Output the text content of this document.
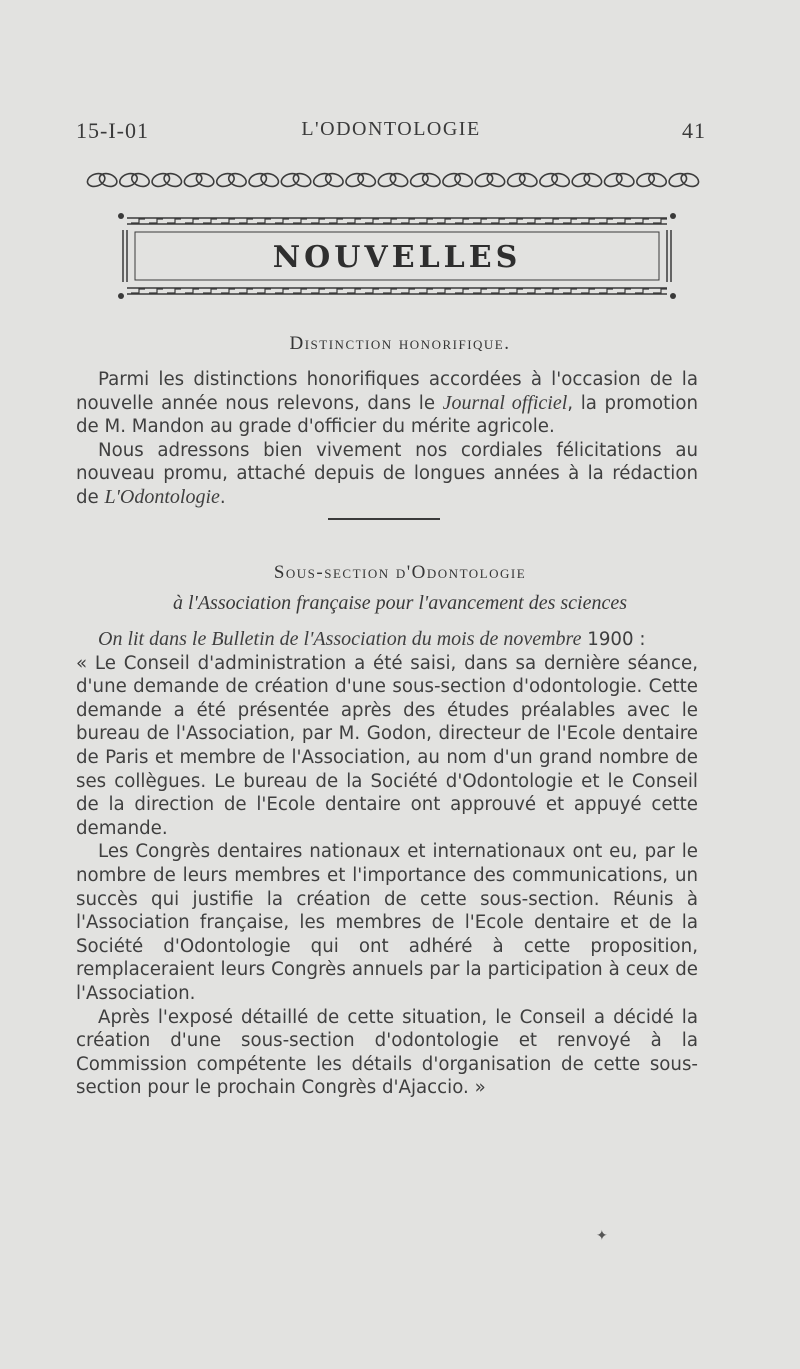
15-I-01	L'ODONTOLOGIE	41
NOUVELLES
Distinction honorifique.

Parmi les distinctions honorifiques accordées à l'occasion de la nouvelle année nous relevons, dans le Journal officiel, la promotion de M. Mandon au grade d'officier du mérite agricole.

Nous adressons bien vivement nos cordiales félicitations au nouveau promu, attaché depuis de longues années à la rédaction de L'Odontologie.

Sous-section d'Odontologie
à l'Association française pour l'avancement des sciences

On lit dans le Bulletin de l'Association du mois de novembre 1900 :

« Le Conseil d'administration a été saisi, dans sa dernière séance, d'une demande de création d'une sous-section d'odontologie. Cette demande a été présentée après des études préalables avec le bureau de l'Association, par M. Godon, directeur de l'Ecole dentaire de Paris et membre de l'Association, au nom d'un grand nombre de ses collègues. Le bureau de la Société d'Odontologie et le Conseil de la direction de l'Ecole dentaire ont approuvé et appuyé cette demande.

Les Congrès dentaires nationaux et internationaux ont eu, par le nombre de leurs membres et l'importance des communications, un succès qui justifie la création de cette sous-section. Réunis à l'Association française, les membres de l'Ecole dentaire et de la Société d'Odontologie qui ont adhéré à cette proposition, remplaceraient leurs Congrès annuels par la participation à ceux de l'Association.

Après l'exposé détaillé de cette situation, le Conseil a décidé la création d'une sous-section d'odontologie et renvoyé à la Commission compétente les détails d'organisation de cette sous-section pour le prochain Congrès d'Ajaccio. »

✦
